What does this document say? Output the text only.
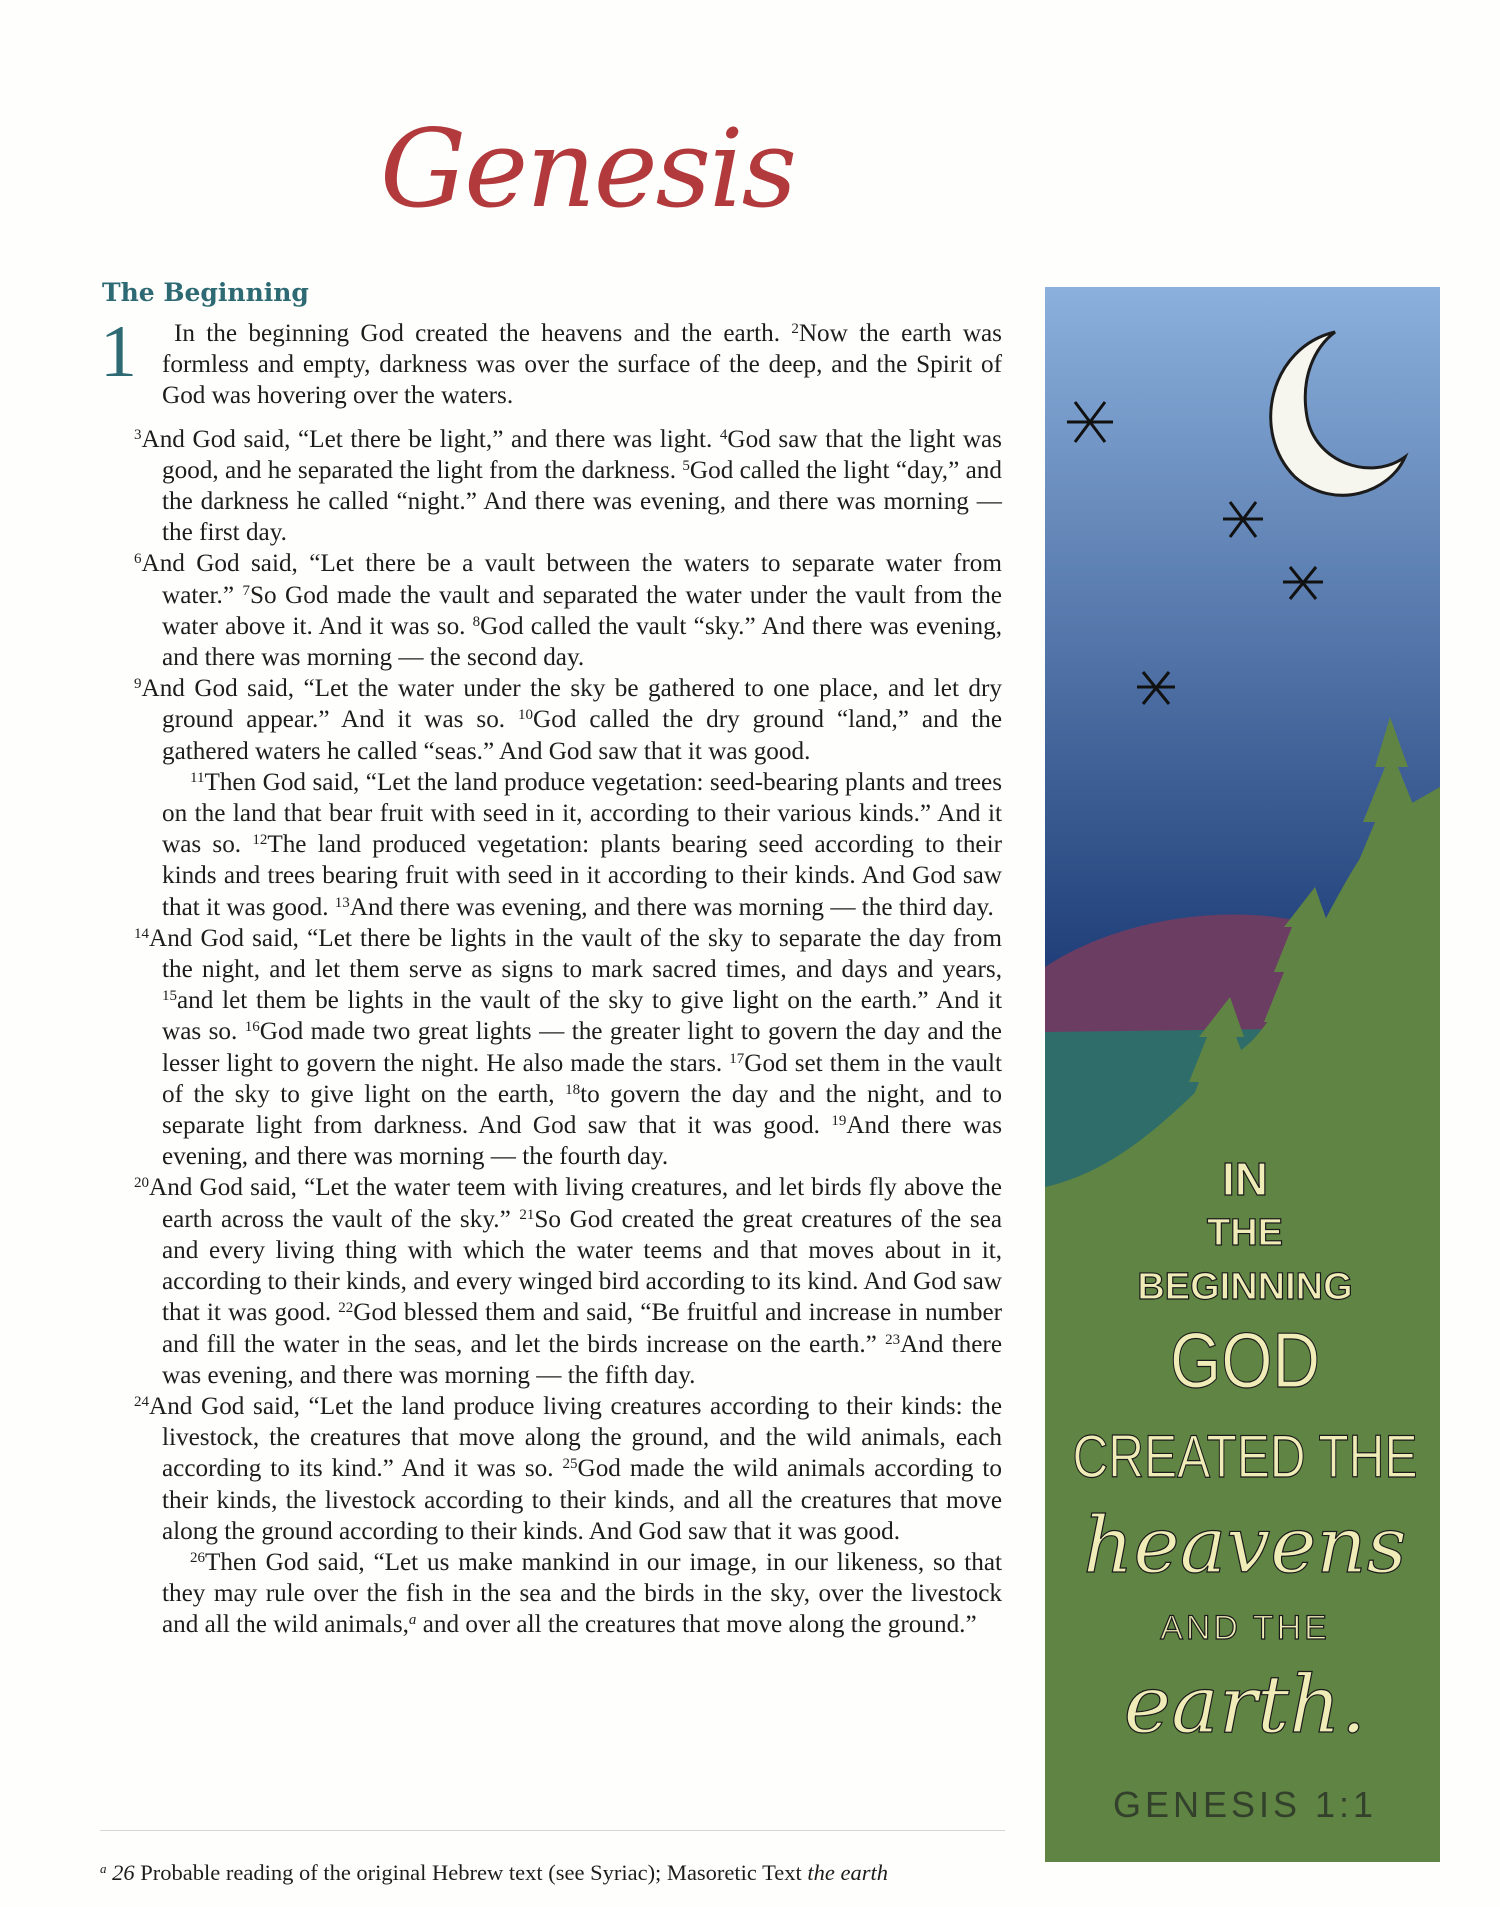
Genesis
The Beginning
1	In the beginning God created the heavens and the earth. $^2$Now the earth was formless and empty, darkness was over the surface of the deep, and the Spirit of God was hovering over the waters.

$^3$And God said, “Let there be light,” and there was light. $^4$God saw that the light was good, and he separated the light from the darkness. $^5$God called the light “day,” and the darkness he called “night.” And there was evening, and there was morning — the first day.

$^6$And God said, “Let there be a vault between the waters to separate water from water.” $^7$So God made the vault and separated the water under the vault from the water above it. And it was so. $^8$God called the vault “sky.” And there was evening, and there was morning — the second day.

$^9$And God said, “Let the water under the sky be gathered to one place, and let dry ground appear.” And it was so. $^{10}$God called the dry ground “land,” and the gathered waters he called “seas.” And God saw that it was good.

$^{11}$Then God said, “Let the land produce vegetation: seed-bearing plants and trees on the land that bear fruit with seed in it, according to their various kinds.” And it was so. $^{12}$The land produced vegetation: plants bearing seed according to their kinds and trees bearing fruit with seed in it according to their kinds. And God saw that it was good. $^{13}$And there was evening, and there was morning — the third day.

$^{14}$And God said, “Let there be lights in the vault of the sky to separate the day from the night, and let them serve as signs to mark sacred times, and days and years, $^{15}$and let them be lights in the vault of the sky to give light on the earth.” And it was so. $^{16}$God made two great lights — the greater light to govern the day and the lesser light to govern the night. He also made the stars. $^{17}$God set them in the vault of the sky to give light on the earth, $^{18}$to govern the day and the night, and to separate light from darkness. And God saw that it was good. $^{19}$And there was evening, and there was morning — the fourth day.

$^{20}$And God said, “Let the water teem with living creatures, and let birds fly above the earth across the vault of the sky.” $^{21}$So God created the great creatures of the sea and every living thing with which the water teems and that moves about in it, according to their kinds, and every winged bird according to its kind. And God saw that it was good. $^{22}$God blessed them and said, “Be fruitful and increase in number and fill the water in the seas, and let the birds increase on the earth.” $^{23}$And there was evening, and there was morning — the fifth day.

$^{24}$And God said, “Let the land produce living creatures according to their kinds: the livestock, the creatures that move along the ground, and the wild animals, each according to its kind.” And it was so. $^{25}$God made the wild animals according to their kinds, the livestock according to their kinds, and all the creatures that move along the ground according to their kinds. And God saw that it was good.

$^{26}$Then God said, “Let us make mankind in our image, in our likeness, so that they may rule over the fish in the sea and the birds in the sky, over the livestock and all the wild animals,$^a$ and over all the creatures that move along the ground.”

$^a$ 26 Probable reading of the original Hebrew text (see Syriac); Masoretic Text the earth
IN
THE
BEGINNING
GOD
CREATED THE
heavens
AND THE
earth.
GENESIS 1:1
